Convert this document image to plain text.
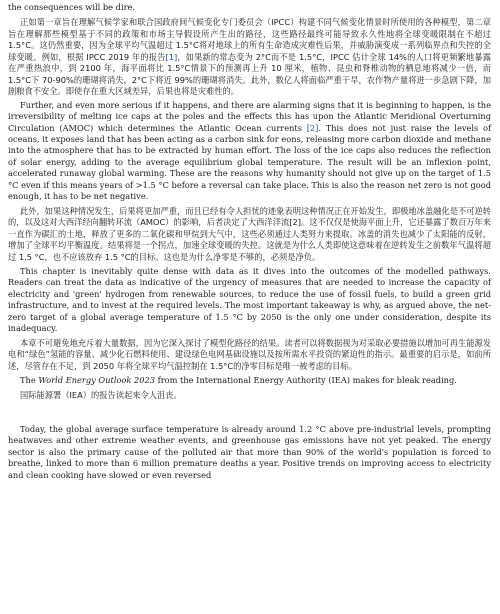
the consequences will be dire.

正如第一章旨在理解气候学家和联合国政府间气候变化专门委员会（IPCC）构建不同气候变化情景时所使用的各种模型，第二章旨在理解那些模型基于不同的政策和市场主导假设所产生出的路径，这些路径最终可能导致永久性地将全球变暖限制在不超过 1.5°C。这仍然重要，因为全球平均气温超过 1.5°C将对地球上的所有生命造成灾难性后果，并威胁演变成一系列临界点和失控的全球变暖。例如，根据 IPCC 2019 年的报告[1]，如果新的常态变为 2°C而不是 1.5°C，IPCC 估计全球 14%的人口将更频繁地暴露在严重热浪中，到 2100 年，海平面将比 1.5°C情景下的预测再上升 10 厘米，植物、昆虫和脊椎动物的栖息地将减少一倍，而 1.5°C下 70-90%的珊瑚将消失，2°C下将近 99%的珊瑚将消失。此外，数亿人将面临严重干旱，农作物产量将进一步急剧下降，加剧粮食不安全。即使存在重大区域差异，后果也将是灾难性的。

Further, and even more serious if it happens, and there are alarming signs that it is beginning to happen, is the irreversibility of melting ice caps at the poles and the effects this has upon the Atlantic Meridional Overturning Circulation (AMOC) which determines the Atlantic Ocean currents [2]. This does not just raise the levels of oceans, it exposes land that has been acting as a carbon sink for eons, releasing more carbon dioxide and methane into the atmosphere that has to be extracted by human effort. The loss of the ice caps also reduces the reflection of solar energy, adding to the average equilibrium global temperature. The result will be an inflexion point, accelerated runaway global warming. These are the reasons why humanity should not give up on the target of 1.5 °C even if this means years of >1.5 °C before a reversal can take place. This is also the reason net zero is not good enough, it has to be net negative.

此外，如果这种情况发生，后果将更加严重，而且已经有令人担忧的迹象表明这种情况正在开始发生，即极地冰盖融化是不可逆转的，以及这对大西洋经向翻转环流（AMOC）的影响，后者决定了大西洋洋流[2]。这不仅仅是使海平面上升，它还暴露了数百万年来一直作为碳汇的土地，释放了更多的二氧化碳和甲烷到大气中，这些必须通过人类努力来提取。冰盖的消失也减少了太阳能的反射，增加了全球平均平衡温度。结果将是一个拐点，加速全球变暖的失控。这就是为什么人类即使这意味着在逆转发生之前数年气温将超过 1.5 °C，也不应该放弃 1.5 °C的目标。这也是为什么净零是不够的，必须是净负。

This chapter is inevitably quite dense with data as it dives into the outcomes of the modelled pathways. Readers can treat the data as indicative of the urgency of measures that are needed to increase the capacity of electricity and 'green' hydrogen from renewable sources, to reduce the use of fossil fuels, to build a green grid infrastructure, and to invest at the required levels. The most important takeaway is why, as argued above, the net-zero target of a global average temperature of 1.5 °C by 2050 is the only one under consideration, despite its inadequacy.

本章不可避免地充斥着大量数据，因为它深入探讨了模型化路径的结果。读者可以将数据视为对采取必要措施以增加可再生能源发电和“绿色”氢能的容量、减少化石燃料使用、建设绿色电网基础设施以及按所需水平投资的紧迫性的指示。最重要的启示是，如前所述，尽管存在不足，到 2050 年将全球平均气温控制在 1.5°C的净零目标是唯一被考虑的目标。

The World Energy Outlook 2023 from the International Energy Authority (IEA) makes for bleak reading.

国际能源署（IEA）的报告读起来令人沮丧。

Today, the global average surface temperature is already around 1.2 °C above pre-industrial levels, prompting heatwaves and other extreme weather events, and greenhouse gas emissions have not yet peaked. The energy sector is also the primary cause of the polluted air that more than 90% of the world's population is forced to breathe, linked to more than 6 million premature deaths a year. Positive trends on improving access to electricity and clean cooking have slowed or even reversed
